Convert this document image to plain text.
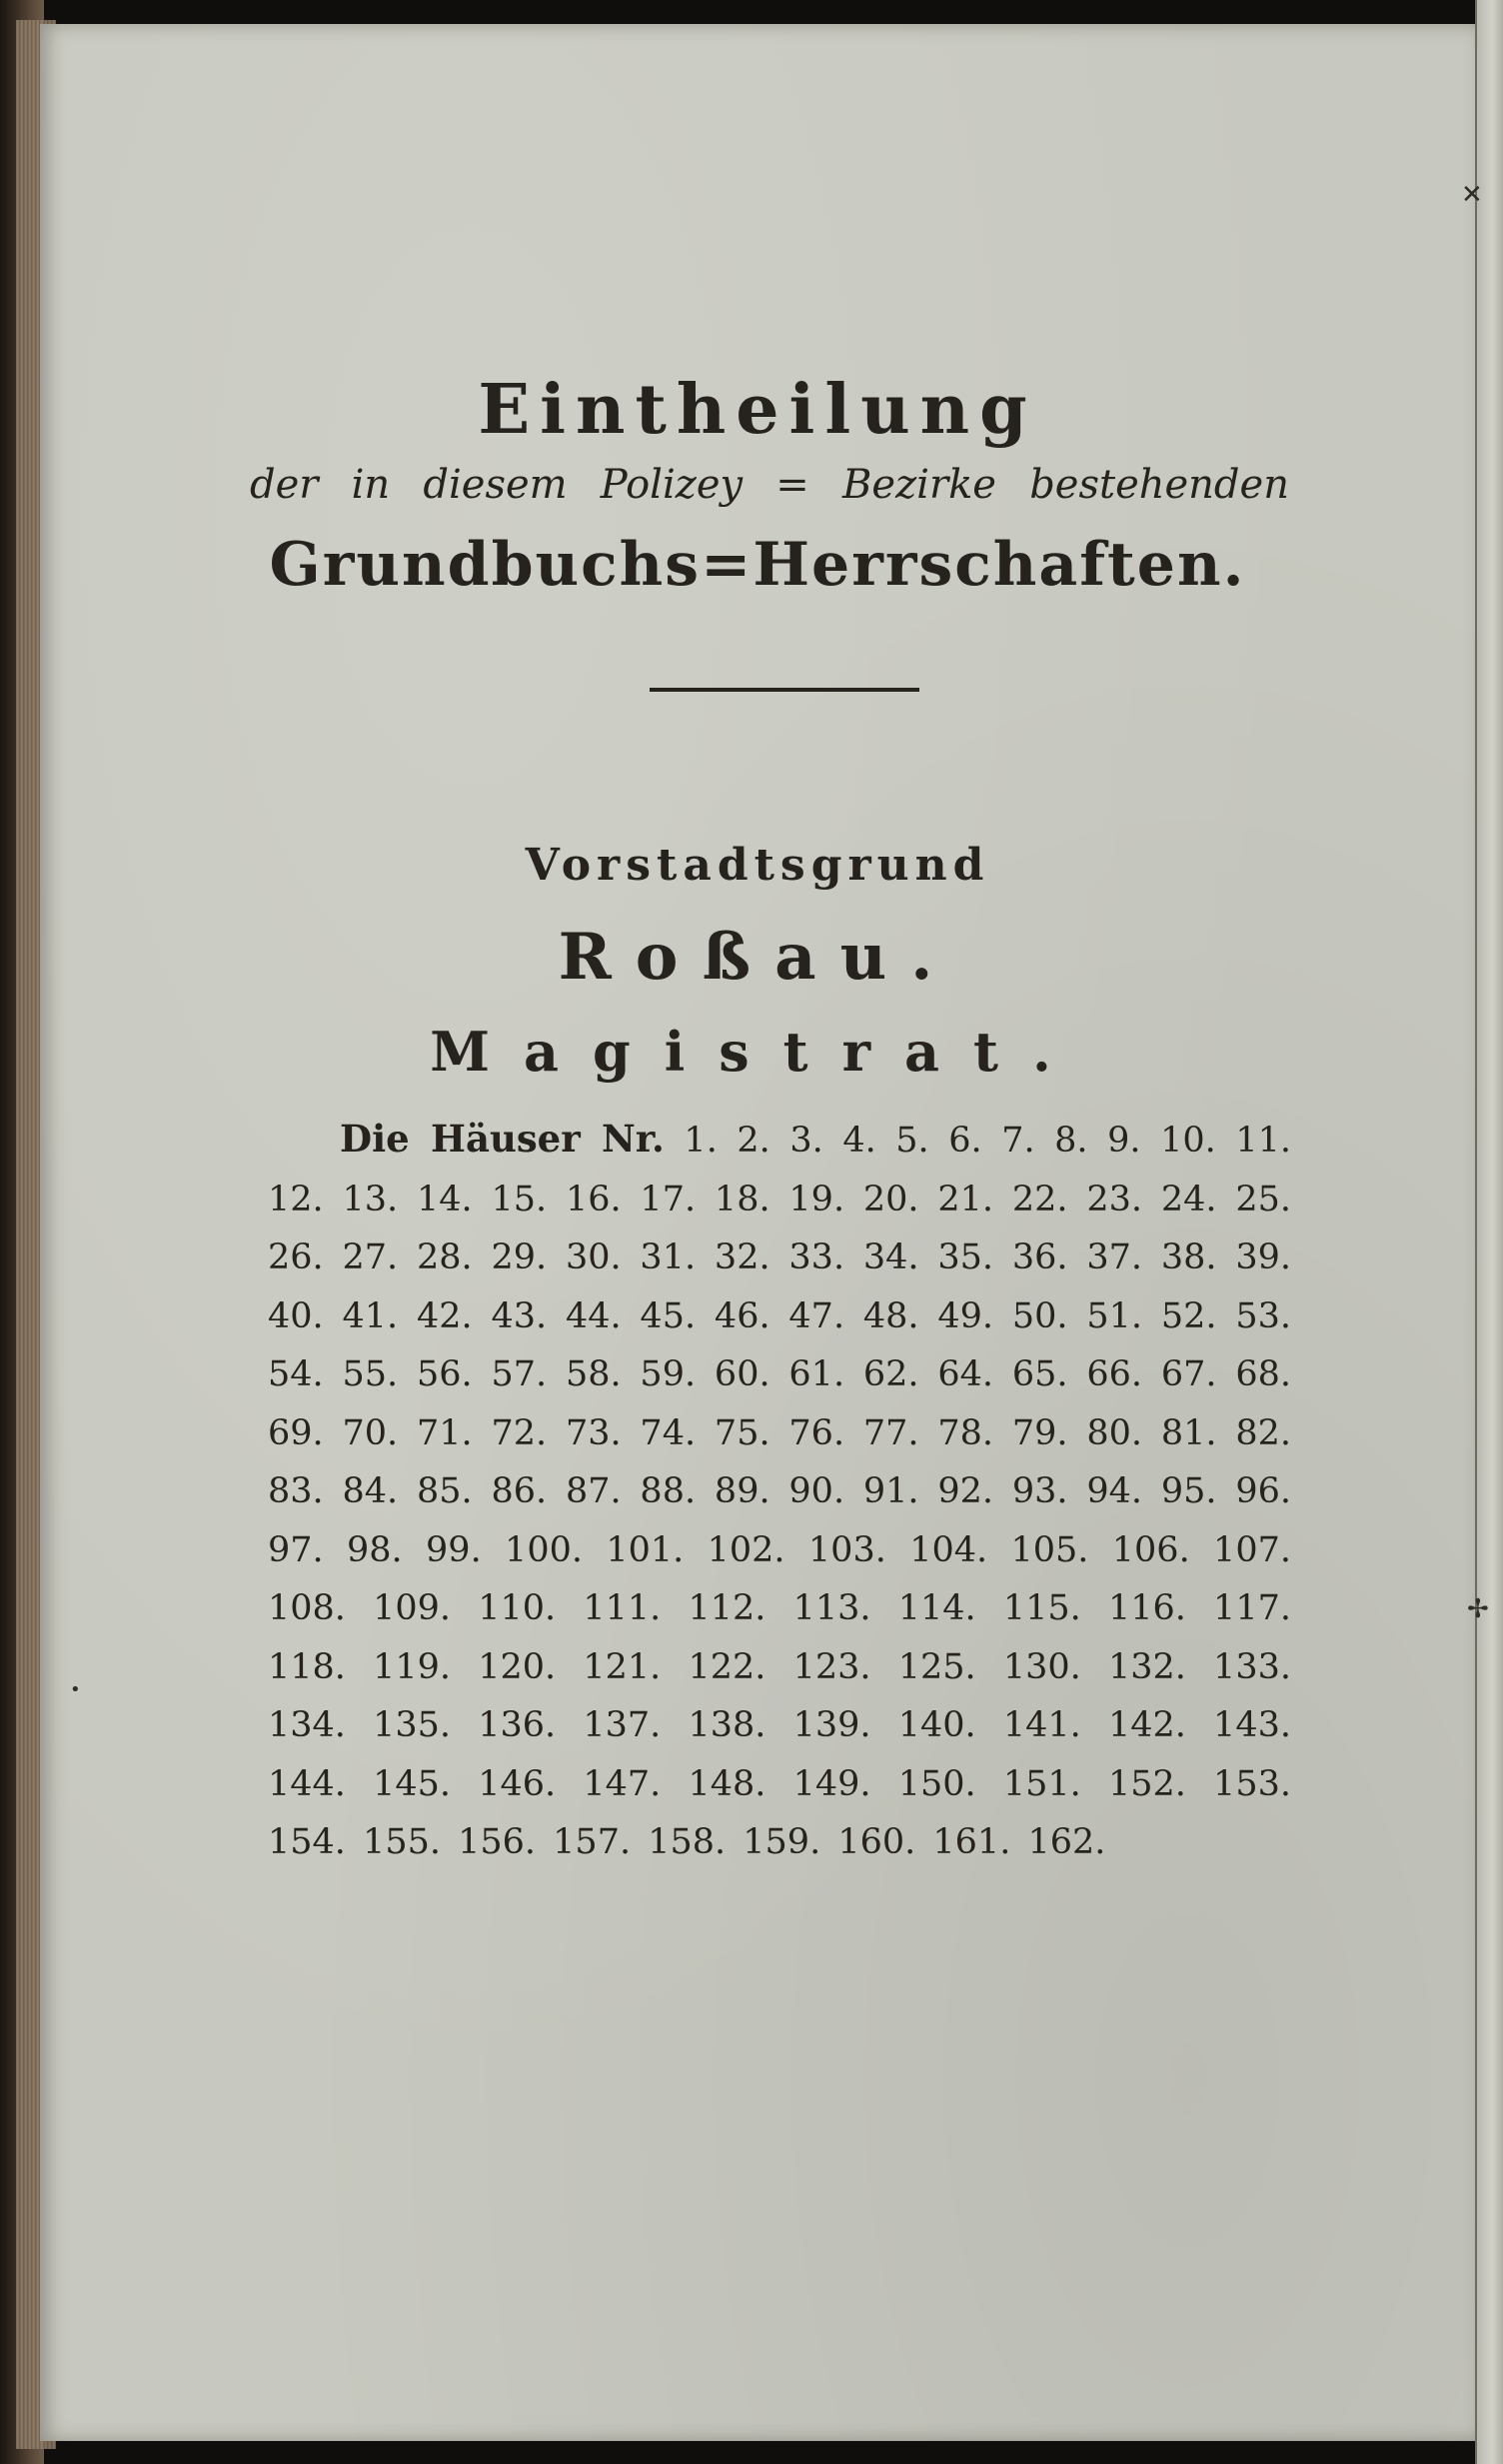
Eintheilung
der in diesem Polizey = Bezirke bestehenden
Grundbuchs=Herrschaften.
Vorstadtsgrund
Roßau.
Magistrat.
Die Häuser Nr. 1. 2. 3. 4. 5. 6. 7. 8. 9. 10. 11. 12. 13. 14. 15. 16. 17. 18. 19. 20. 21. 22. 23. 24. 25. 26. 27. 28. 29. 30. 31. 32. 33. 34. 35. 36. 37. 38. 39. 40. 41. 42. 43. 44. 45. 46. 47. 48. 49. 50. 51. 52. 53. 54. 55. 56. 57. 58. 59. 60. 61. 62. 64. 65. 66. 67. 68. 69. 70. 71. 72. 73. 74. 75. 76. 77. 78. 79. 80. 81. 82. 83. 84. 85. 86. 87. 88. 89. 90. 91. 92. 93. 94. 95. 96. 97. 98. 99. 100. 101. 102. 103. 104. 105. 106. 107. 108. 109. 110. 111. 112. 113. 114. 115. 116. 117. 118. 119. 120. 121. 122. 123. 125. 130. 132. 133. 134. 135. 136. 137. 138. 139. 140. 141. 142. 143. 144. 145. 146. 147. 148. 149. 150. 151. 152. 153. 154. 155. 156. 157. 158. 159. 160. 161. 162.
✕
✢
•
